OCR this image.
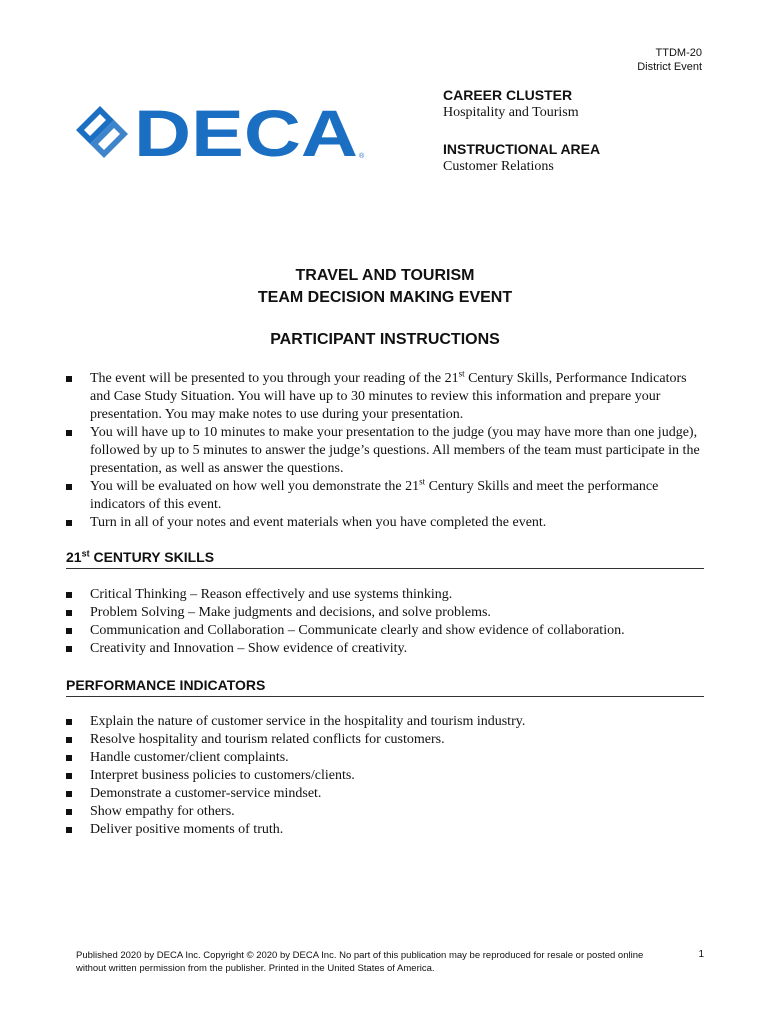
TTDM-20
District Event
DECA ®
CAREER CLUSTER
Hospitality and Tourism
INSTRUCTIONAL AREA
Customer Relations
TRAVEL AND TOURISM
TEAM DECISION MAKING EVENT
PARTICIPANT INSTRUCTIONS
The event will be presented to you through your reading of the 21st Century Skills, Performance Indicators and Case Study Situation. You will have up to 30 minutes to review this information and prepare your presentation. You may make notes to use during your presentation.
You will have up to 10 minutes to make your presentation to the judge (you may have more than one judge), followed by up to 5 minutes to answer the judge’s questions. All members of the team must participate in the presentation, as well as answer the questions.
You will be evaluated on how well you demonstrate the 21st Century Skills and meet the performance indicators of this event.
Turn in all of your notes and event materials when you have completed the event.
21st CENTURY SKILLS
Critical Thinking – Reason effectively and use systems thinking.
Problem Solving – Make judgments and decisions, and solve problems.
Communication and Collaboration – Communicate clearly and show evidence of collaboration.
Creativity and Innovation – Show evidence of creativity.
PERFORMANCE INDICATORS
Explain the nature of customer service in the hospitality and tourism industry.
Resolve hospitality and tourism related conflicts for customers.
Handle customer/client complaints.
Interpret business policies to customers/clients.
Demonstrate a customer-service mindset.
Show empathy for others.
Deliver positive moments of truth.
Published 2020 by DECA Inc. Copyright © 2020 by DECA Inc. No part of this publication may be reproduced for resale or posted online without written permission from the publisher. Printed in the United States of America.
1
